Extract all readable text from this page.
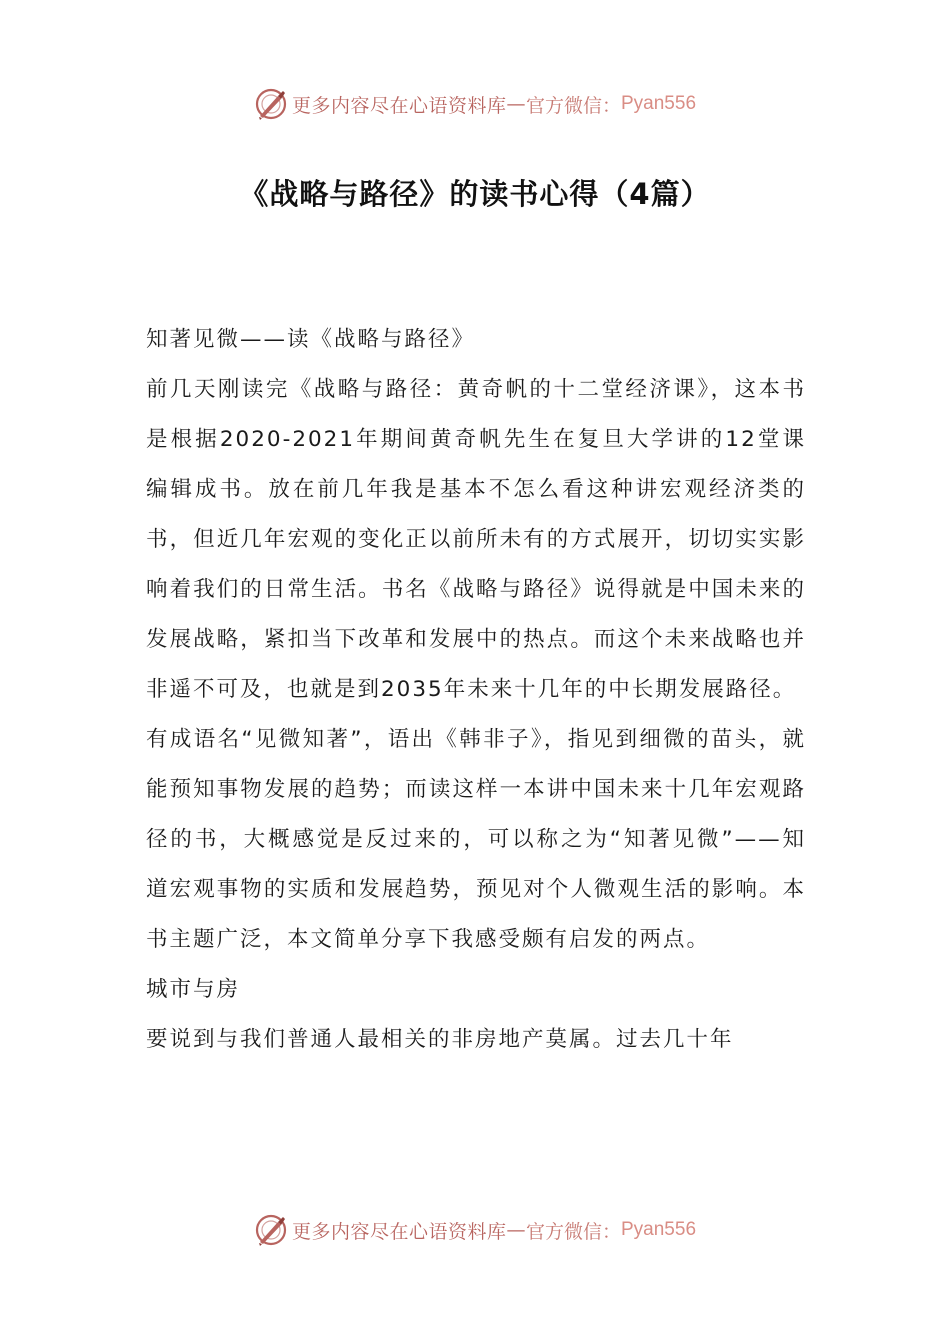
更多内容尽在心语资料库 — 官方微信： Pyan556
《战略与路径》的读书心得（4篇）

知著见微——读《战略与路径》

前几天刚读完《战略与路径：黄奇帆的十二堂经济课》，这本书是根据2020-2021年期间黄奇帆先生在复旦大学讲的12堂课编辑成书。放在前几年我是基本不怎么看这种讲宏观经济类的书，但近几年宏观的变化正以前所未有的方式展开，切切实实影响着我们的日常生活。书名《战略与路径》说得就是中国未来的发展战略，紧扣当下改革和发展中的热点。而这个未来战略也并非遥不可及，也就是到2035年未来十几年的中长期发展路径。

有成语名“见微知著”，语出《韩非子》，指见到细微的苗头，就能预知事物发展的趋势；而读这样一本讲中国未来十几年宏观路径的书，大概感觉是反过来的，可以称之为“知著见微”——知道宏观事物的实质和发展趋势，预见对个人微观生活的影响。本书主题广泛，本文简单分享下我感受颇有启发的两点。

城市与房

要说到与我们普通人最相关的非房地产莫属。过去几十年

更多内容尽在心语资料库 — 官方微信： Pyan556
